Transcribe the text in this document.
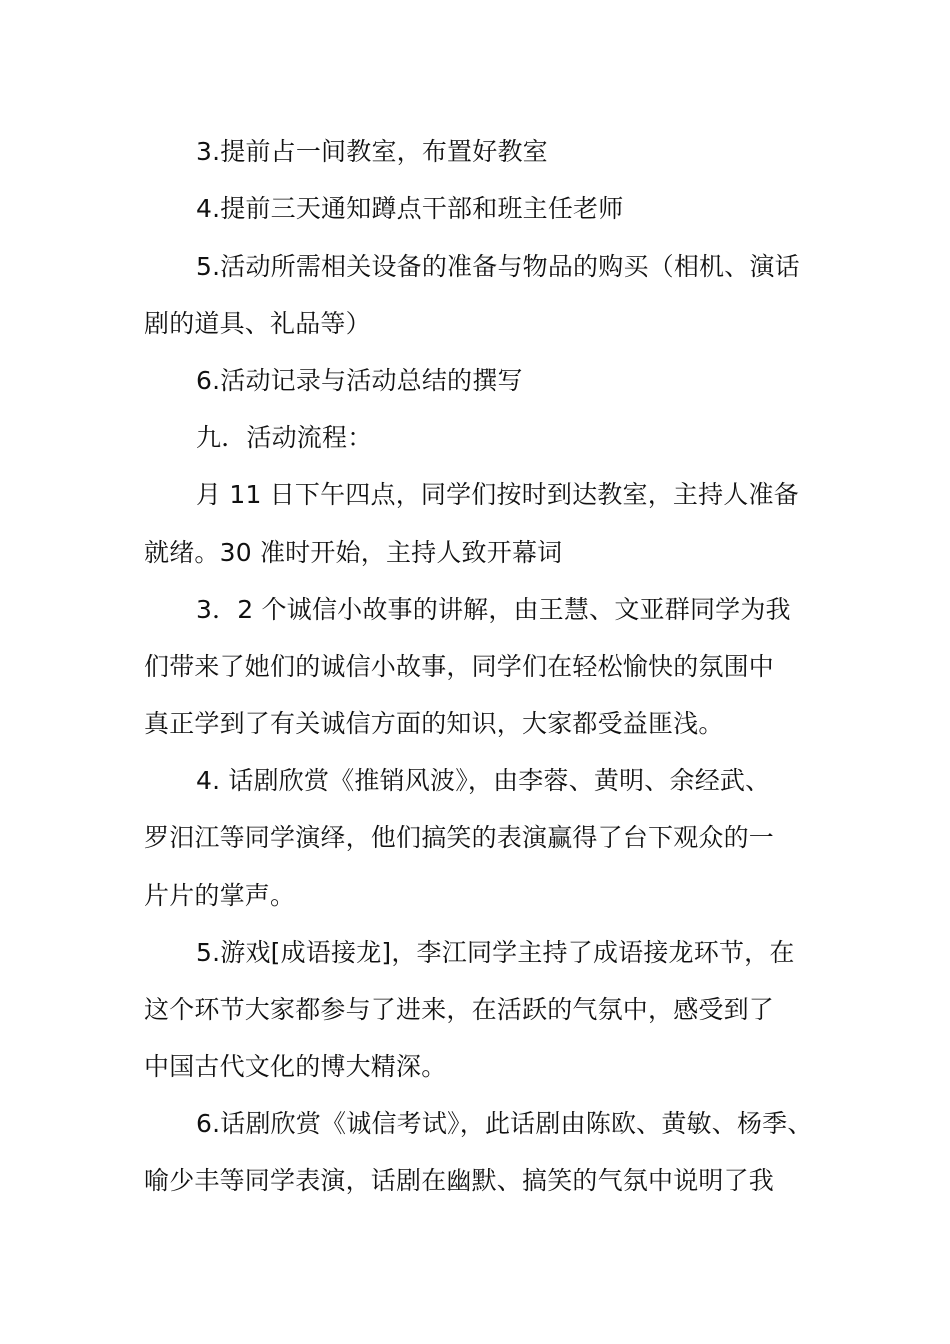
3.提前占一间教室，布置好教室
4.提前三天通知蹲点干部和班主任老师
5.活动所需相关设备的准备与物品的购买（相机、演话
剧的道具、礼品等）
6.活动记录与活动总结的撰写
九．活动流程：
月 11 日下午四点，同学们按时到达教室，主持人准备
就绪。30 准时开始，主持人致开幕词
3．2 个诚信小故事的讲解，由王慧、文亚群同学为我
们带来了她们的诚信小故事，同学们在轻松愉快的氛围中
真正学到了有关诚信方面的知识，大家都受益匪浅。
4. 话剧欣赏《推销风波》，由李蓉、黄明、余经武、
罗汨江等同学演绎，他们搞笑的表演赢得了台下观众的一
片片的掌声。
5.游戏[成语接龙]，李江同学主持了成语接龙环节，在
这个环节大家都参与了进来，在活跃的气氛中，感受到了
中国古代文化的博大精深。
6.话剧欣赏《诚信考试》，此话剧由陈欧、黄敏、杨季、
喻少丰等同学表演，话剧在幽默、搞笑的气氛中说明了我
